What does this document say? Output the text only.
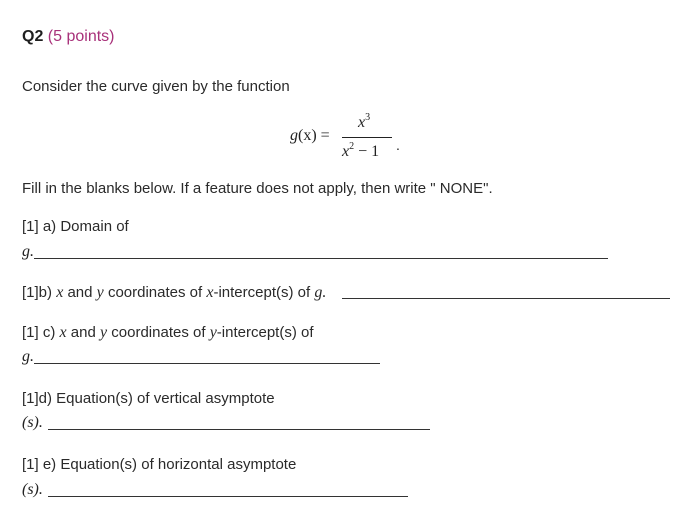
Q2 (5 points)
Consider the curve given by the function
g(x) =
$x^3$
$x^2 - 1$ .
Fill in the blanks below. If a feature does not apply, then write " NONE".
[1] a) Domain of
g.
[1]b) x and y coordinates of x-intercept(s) of g.
[1] c) x and y coordinates of y-intercept(s) of
g.
[1]d) Equation(s) of vertical asymptote
(s).
[1] e) Equation(s) of horizontal asymptote
(s).
